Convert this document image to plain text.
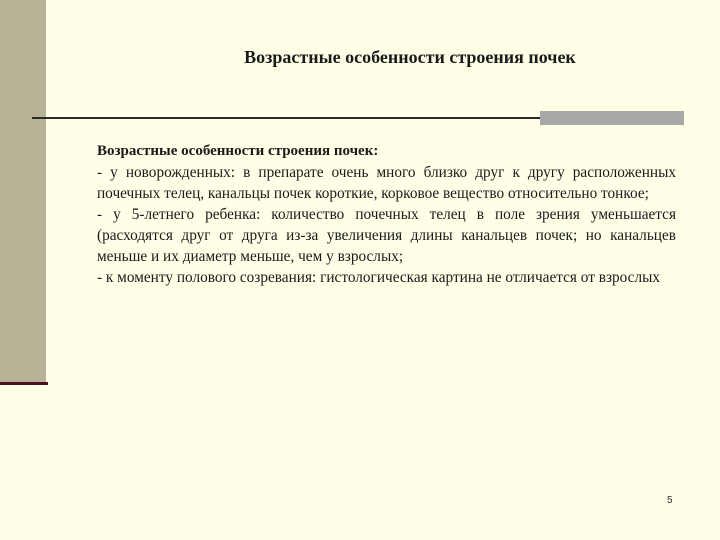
Возрастные особенности строения почек
Возрастные особенности строения почек:
- у новорожденных: в препарате очень много близко друг к другу расположенных почечных телец, канальцы почек короткие, корковое вещество относительно тонкое;
- у 5-летнего ребенка: количество почечных телец в поле зрения уменьшается (расходятся друг от друга из-за увеличения длины канальцев почек; но канальцев меньше и их диаметр меньше, чем у взрослых;
- к моменту полового созревания: гистологическая картина не отличается от взрослых
5
